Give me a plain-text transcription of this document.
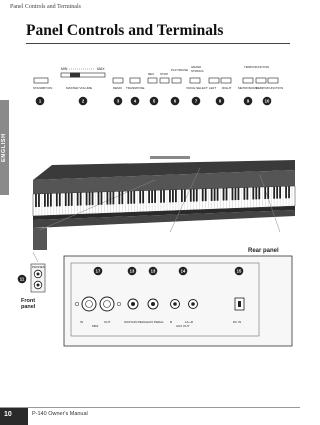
Panel Controls and Terminals
ENGLISH
Panel Controls and Terminals
MIN	MAX
REC STOP
PLAY/PAUSE
GRAND
STRINGS
TEMPO/FUNCTION
STANDBY/ON	MASTER VOLUME	DEMO TRANSPOSE	VOICE SELECT LEFT RIGHT METRONOME
TEMPO/FUNCTION
1	2	3	4	5	6	7	8	9	10
PHONES
11
Front
panel
Rear panel
17	13	13	14	15
IN	OUT
MIDI
SUSTAIN PEDAL AUX PEDAL R	L/L+R
AUX OUT
DC IN
10	P-140 Owner's Manual
